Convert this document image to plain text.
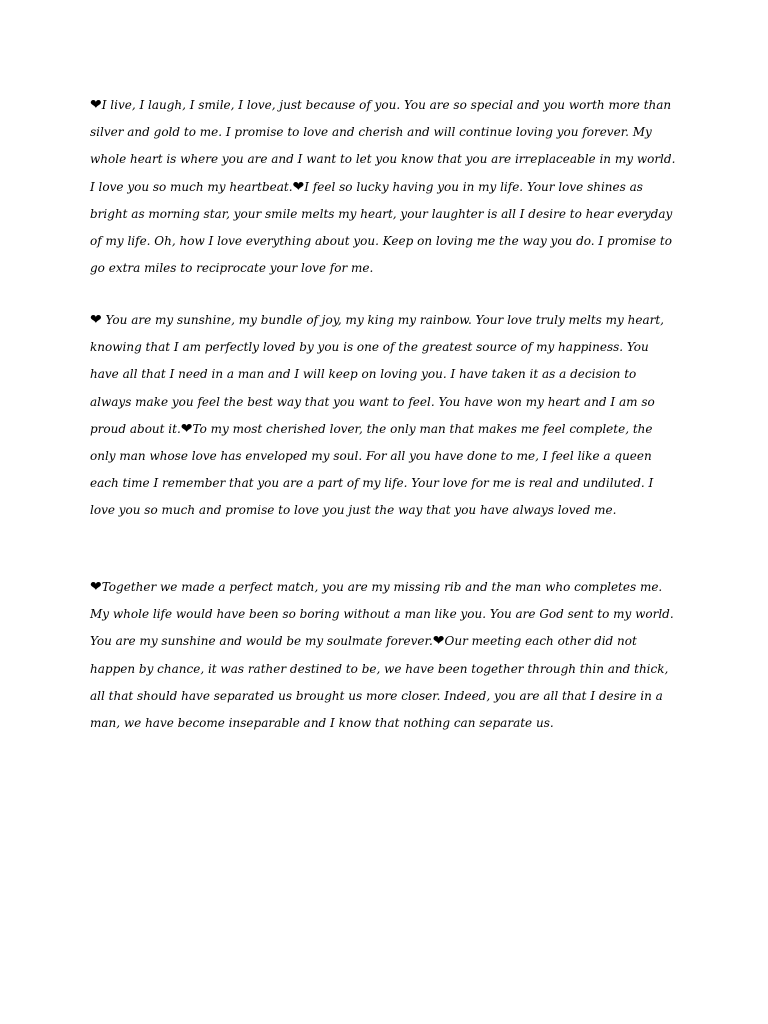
❤I live, I laugh, I smile, I love, just because of you. You are so special and you worth more than silver and gold to me. I promise to love and cherish and will continue loving you forever. My whole heart is where you are and I want to let you know that you are irreplaceable in my world. I love you so much my heartbeat.❤I feel so lucky having you in my life. Your love shines as bright as morning star, your smile melts my heart, your laughter is all I desire to hear everyday of my life. Oh, how I love everything about you. Keep on loving me the way you do. I promise to go extra miles to reciprocate your love for me.

❤ You are my sunshine, my bundle of joy, my king my rainbow. Your love truly melts my heart, knowing that I am perfectly loved by you is one of the greatest source of my happiness. You have all that I need in a man and I will keep on loving you. I have taken it as a decision to always make you feel the best way that you want to feel. You have won my heart and I am so proud about it.❤To my most cherished lover, the only man that makes me feel complete, the only man whose love has enveloped my soul. For all you have done to me, I feel like a queen each time I remember that you are a part of my life. Your love for me is real and undiluted. I love you so much and promise to love you just the way that you have always loved me.

❤Together we made a perfect match, you are my missing rib and the man who completes me. My whole life would have been so boring without a man like you. You are God sent to my world. You are my sunshine and would be my soulmate forever.❤Our meeting each other did not happen by chance, it was rather destined to be, we have been together through thin and thick, all that should have separated us brought us more closer. Indeed, you are all that I desire in a man, we have become inseparable and I know that nothing can separate us.
